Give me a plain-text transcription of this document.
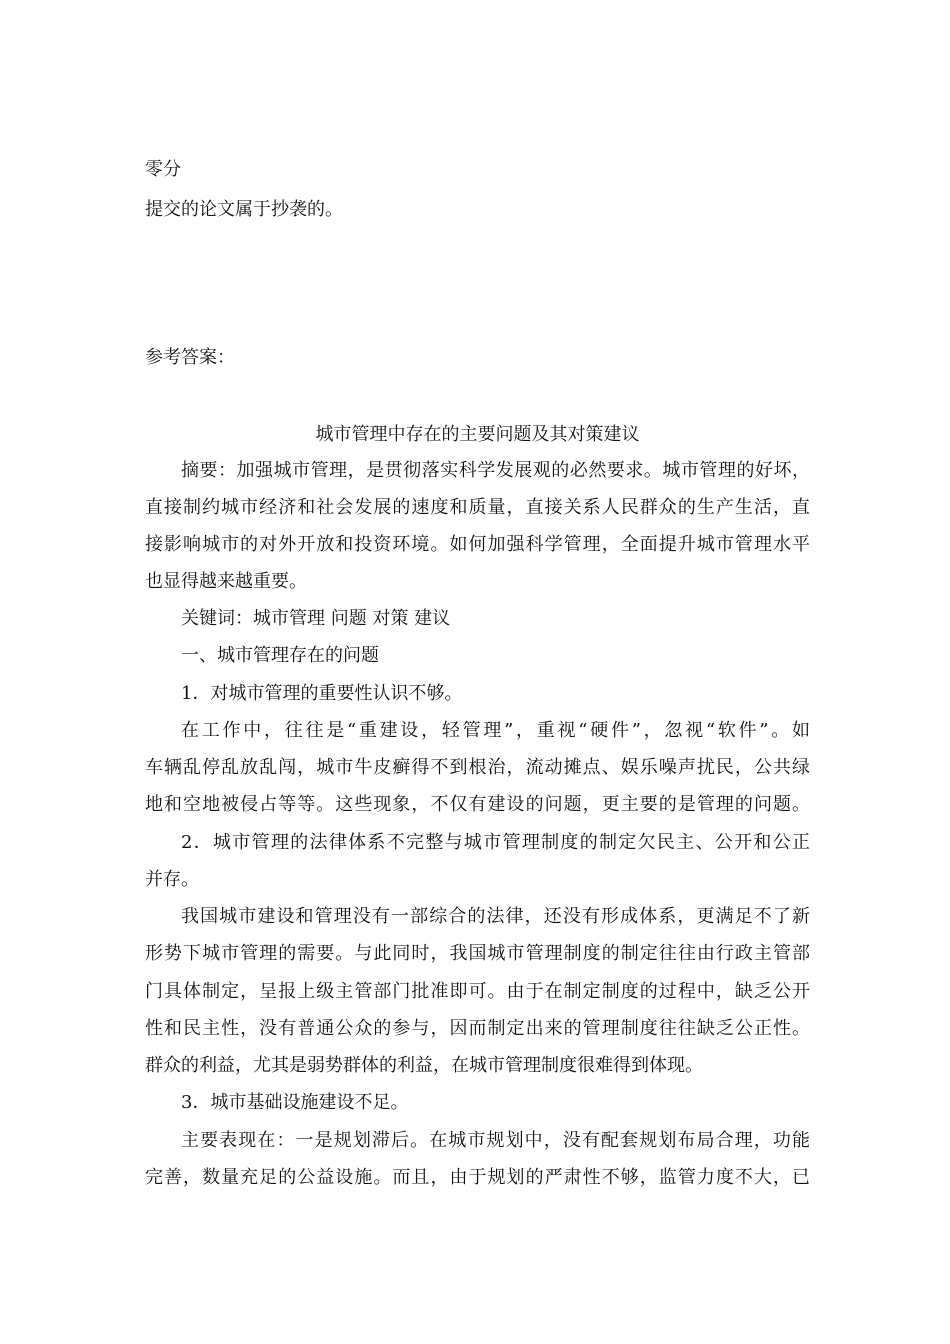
零分
提交的论文属于抄袭的。
参考答案：
城市管理中存在的主要问题及其对策建议
摘要：加强城市管理，是贯彻落实科学发展观的必然要求。城市管理的好坏，
直接制约城市经济和社会发展的速度和质量，直接关系人民群众的生产生活，直
接影响城市的对外开放和投资环境。如何加强科学管理，全面提升城市管理水平
也显得越来越重要。
关键词：城市管理 问题 对策 建议
一、城市管理存在的问题
1．对城市管理的重要性认识不够。
在工作中，往往是“重建设，轻管理”，重视“硬件”，忽视“软件”。如
车辆乱停乱放乱闯，城市牛皮癣得不到根治，流动摊点、娱乐噪声扰民，公共绿
地和空地被侵占等等。这些现象，不仅有建设的问题，更主要的是管理的问题。
2．城市管理的法律体系不完整与城市管理制度的制定欠民主、公开和公正
并存。
我国城市建设和管理没有一部综合的法律，还没有形成体系，更满足不了新
形势下城市管理的需要。与此同时，我国城市管理制度的制定往往由行政主管部
门具体制定，呈报上级主管部门批准即可。由于在制定制度的过程中，缺乏公开
性和民主性，没有普通公众的参与，因而制定出来的管理制度往往缺乏公正性。
群众的利益，尤其是弱势群体的利益，在城市管理制度很难得到体现。
3．城市基础设施建设不足。
主要表现在：一是规划滞后。在城市规划中，没有配套规划布局合理，功能
完善，数量充足的公益设施。而且，由于规划的严肃性不够，监管力度不大，已
